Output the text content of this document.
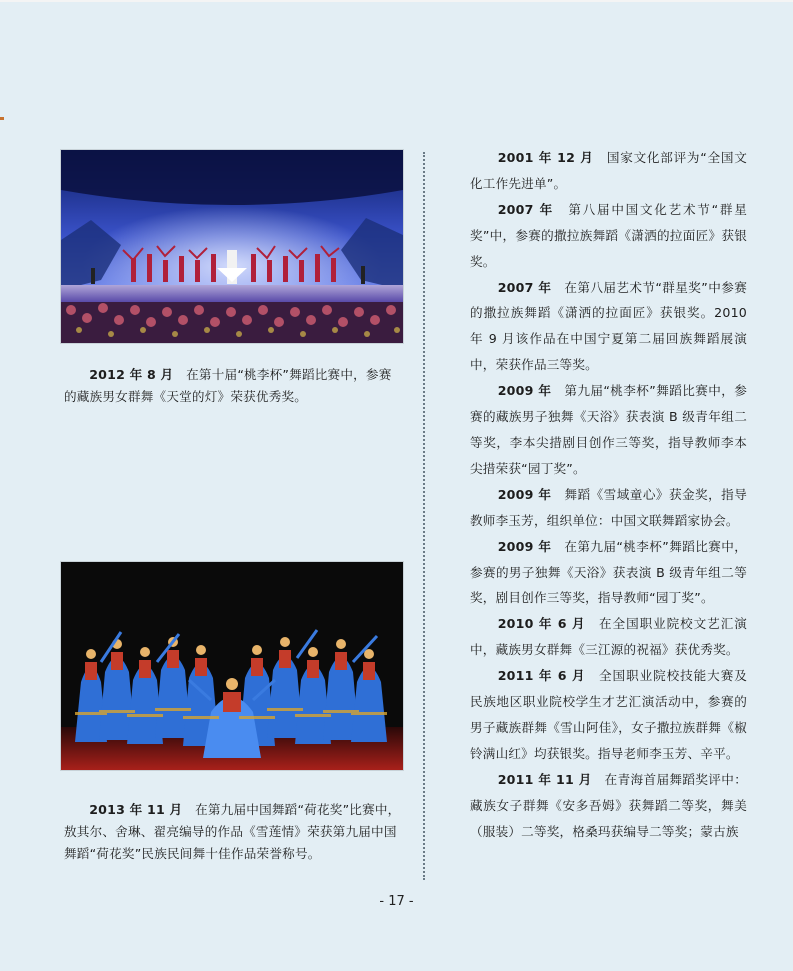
2012 年 8 月　 在第十届“桃李杯”舞蹈比赛中，参赛的藏族男女群舞《天堂的灯》荣获优秀奖。

2013 年 11 月　 在第九届中国舞蹈“荷花奖”比赛中，敖其尔、舍琳、翟亮编导的作品《雪莲情》荣获第九届中国舞蹈“荷花奖”民族民间舞十佳作品荣誉称号。

2001 年 12 月　 国家文化部评为“全国文化工作先进单”。

2007 年　 第八届中国文化艺术节“群星奖”中，参赛的撒拉族舞蹈《潇洒的拉面匠》获银奖。

2007 年　 在第八届艺术节“群星奖”中参赛的撒拉族舞蹈《潇洒的拉面匠》获银奖。2010 年 9 月该作品在中国宁夏第二届回族舞蹈展演中，荣获作品三等奖。

2009 年　 第九届“桃李杯”舞蹈比赛中，参赛的藏族男子独舞《天浴》获表演 B 级青年组二等奖，李本尖措剧目创作三等奖，指导教师李本尖措荣获“园丁奖”。

2009 年　 舞蹈《雪域童心》获金奖，指导教师李玉芳，组织单位：中国文联舞蹈家协会。

2009 年　 在第九届“桃李杯”舞蹈比赛中，参赛的男子独舞《天浴》获表演 B 级青年组二等奖，剧目创作三等奖，指导教师“园丁奖”。

2010 年 6 月　 在全国职业院校文艺汇演中，藏族男女群舞《三江源的祝福》获优秀奖。

2011 年 6 月　 全国职业院校技能大赛及民族地区职业院校学生才艺汇演活动中，参赛的男子藏族群舞《雪山阿佳》，女子撒拉族群舞《椒铃满山红》均获银奖。指导老师李玉芳、辛平。

2011 年 11 月　 在青海首届舞蹈奖评中：藏族女子群舞《安多吾姆》获舞蹈二等奖，舞美（服装）二等奖，格桑玛获编导二等奖；蒙古族

- 17 -
